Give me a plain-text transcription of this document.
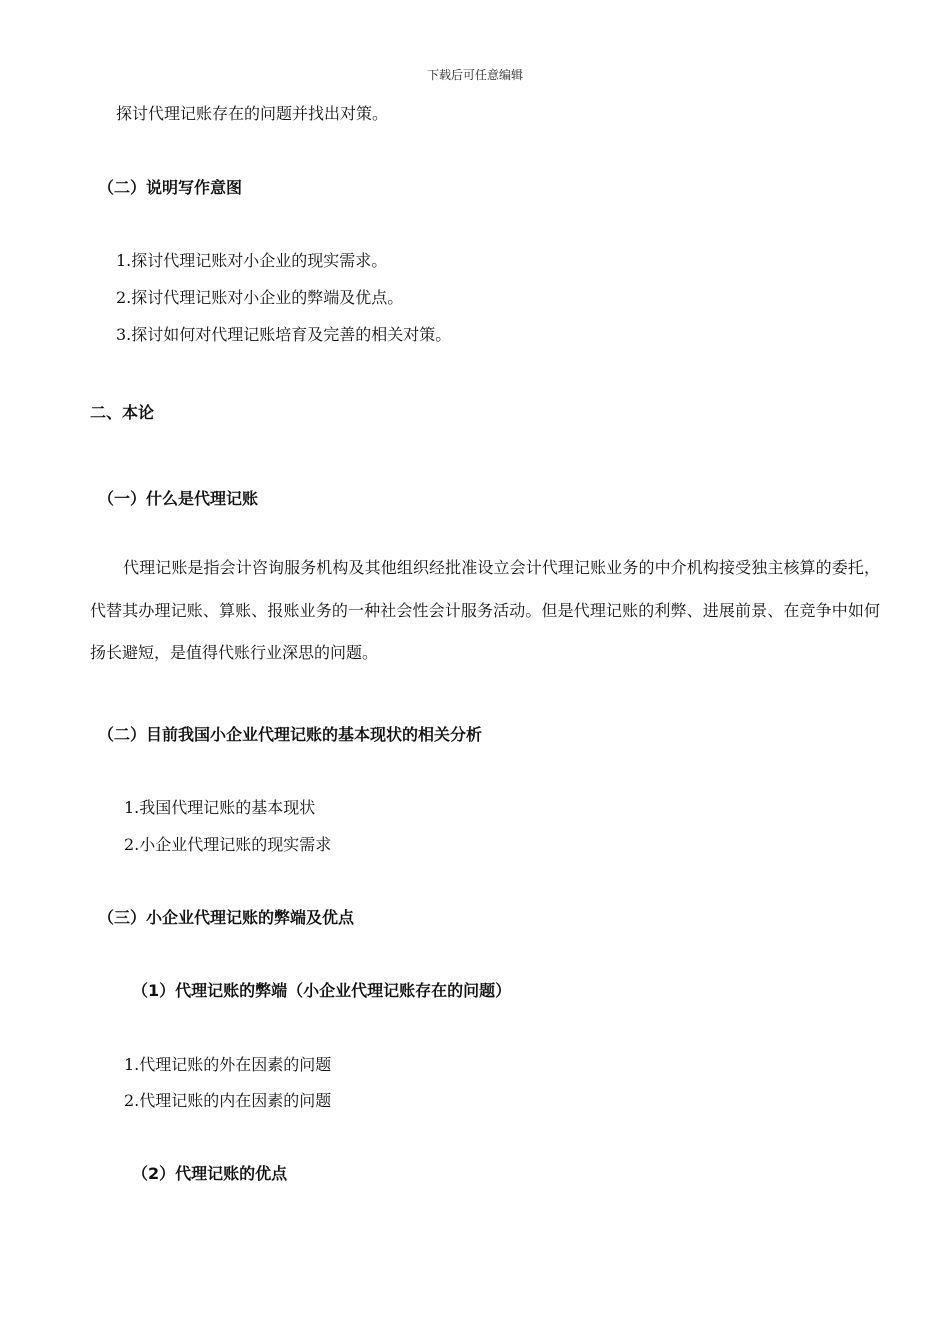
下载后可任意编辑
探讨代理记账存在的问题并找出对策。
（二）说明写作意图
1.探讨代理记账对小企业的现实需求。
2.探讨代理记账对小企业的弊端及优点。
3.探讨如何对代理记账培育及完善的相关对策。
二、本论
（一）什么是代理记账
代理记账是指会计咨询服务机构及其他组织经批准设立会计代理记账业务的中介机构接受独主核算的委托，代替其办理记账、算账、报账业务的一种社会性会计服务活动。但是代理记账的利弊、进展前景、在竞争中如何扬长避短，是值得代账行业深思的问题。
（二）目前我国小企业代理记账的基本现状的相关分析
1.我国代理记账的基本现状
2.小企业代理记账的现实需求
（三）小企业代理记账的弊端及优点
（1）代理记账的弊端（小企业代理记账存在的问题）
1.代理记账的外在因素的问题
2.代理记账的内在因素的问题
（2）代理记账的优点
